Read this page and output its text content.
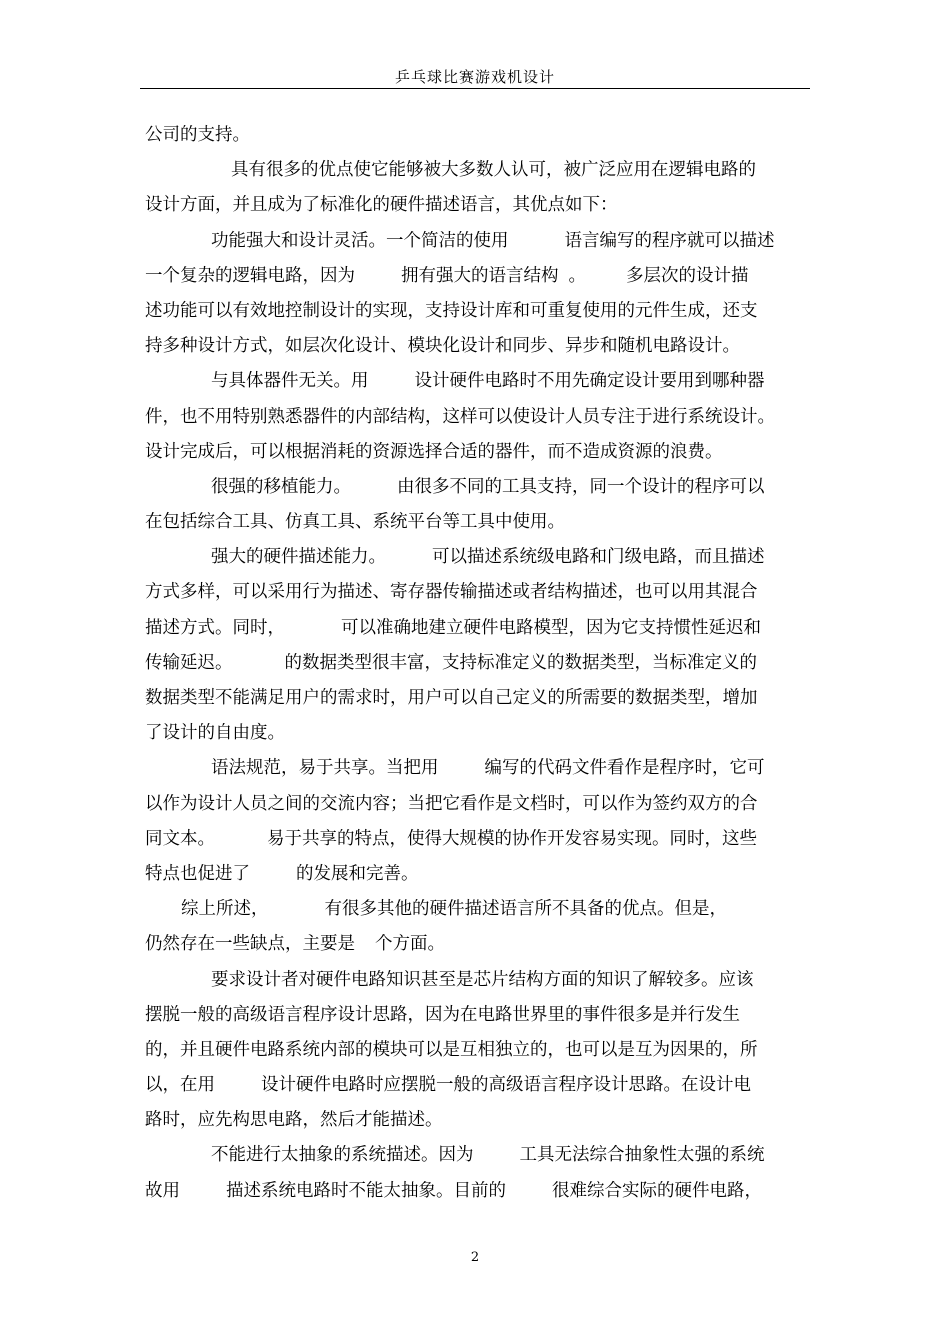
乒乓球比赛游戏机设计
公司的支持。
具有很多的优点使它能够被大多数人认可，被广泛应用在逻辑电路的
设计方面，并且成为了标准化的硬件描述语言，其优点如下：
功能强大和设计灵活。一个简洁的使用	语言编写的程序就可以描述
一个复杂的逻辑电路，因为	拥有强大的语言结构 。 多层次的设计描
述功能可以有效地控制设计的实现，支持设计库和可重复使用的元件生成，还支
持多种设计方式，如层次化设计、模块化设计和同步、异步和随机电路设计。
与具体器件无关。用	设计硬件电路时不用先确定设计要用到哪种器
件，也不用特别熟悉器件的内部结构，这样可以使设计人员专注于进行系统设计。
设计完成后，可以根据消耗的资源选择合适的器件，而不造成资源的浪费。
很强的移植能力。	由很多不同的工具支持，同一个设计的程序可以
在包括综合工具、仿真工具、系统平台等工具中使用。
强大的硬件描述能力。	可以描述系统级电路和门级电路，而且描述
方式多样，可以采用行为描述、寄存器传输描述或者结构描述，也可以用其混合
描述方式。同时，	可以准确地建立硬件电路模型，因为它支持惯性延迟和
传输延迟。	的数据类型很丰富，支持标准定义的数据类型，当标准定义的
数据类型不能满足用户的需求时，用户可以自己定义的所需要的数据类型，增加
了设计的自由度。
语法规范，易于共享。当把用	编写的代码文件看作是程序时，它可
以作为设计人员之间的交流内容；当把它看作是文档时，可以作为签约双方的合
同文本。	易于共享的特点，使得大规模的协作开发容易实现。同时，这些
特点也促进了	的发展和完善。
综上所述，	有很多其他的硬件描述语言所不具备的优点。但是，
仍然存在一些缺点，主要是 个方面。
要求设计者对硬件电路知识甚至是芯片结构方面的知识了解较多。应该
摆脱一般的高级语言程序设计思路，因为在电路世界里的事件很多是并行发生
的，并且硬件电路系统内部的模块可以是互相独立的，也可以是互为因果的，所
以，在用	设计硬件电路时应摆脱一般的高级语言程序设计思路。在设计电
路时，应先构思电路，然后才能描述。
不能进行太抽象的系统描述。因为	工具无法综合抽象性太强的系统
故用	描述系统电路时不能太抽象。目前的	很难综合实际的硬件电路，
2
